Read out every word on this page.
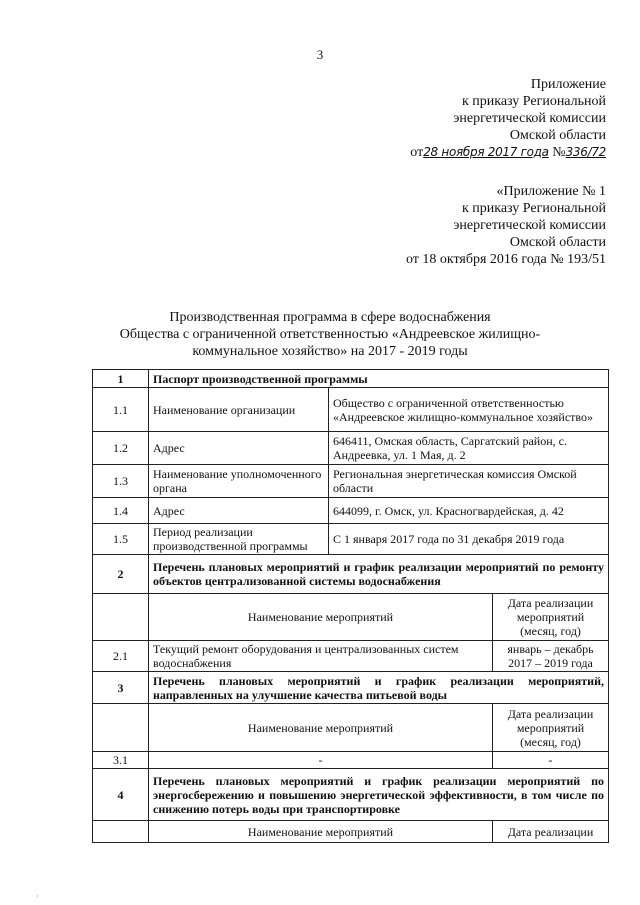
3
Приложение
к приказу Региональной
энергетической комиссии
Омской области
от28 ноября 2017 года №336/72
«Приложение № 1
к приказу Региональной
энергетической комиссии
Омской области
от 18 октября 2016 года № 193/51
Производственная программа в сфере водоснабжения
Общества с ограниченной ответственностью «Андреевское жилищно-
коммунальное хозяйство» на 2017 - 2019 годы
1	Паспорт производственной программы		
1.1	Наименование организации	Общество с ограниченной ответственностью «Андреевское жилищно-коммунальное хозяйство»	
1.2	Адрес	646411, Омская область, Саргатский район, с. Андреевка, ул. 1 Мая, д. 2	
1.3	Наименование уполномоченного органа	Региональная энергетическая комиссия Омской области	
1.4	Адрес	644099, г. Омск, ул. Красногвардейская, д. 42	
1.5	Период реализации производственной программы	С 1 января 2017 года по 31 декабря 2019 года	
2	Перечень плановых мероприятий и график реализации мероприятий по ремонту объектов централизованной системы водоснабжения		
	Наименование мероприятий		Дата реализации мероприятий (месяц, год)
2.1	Текущий ремонт оборудования и централизованных систем водоснабжения		январь – декабрь 2017 – 2019 года
3	Перечень плановых мероприятий и график реализации мероприятий, направленных на улучшение качества питьевой воды		
	Наименование мероприятий		Дата реализации мероприятий (месяц, год)
3.1	-		-
4	Перечень плановых мероприятий и график реализации мероприятий по энергосбережению и повышению энергетической эффективности, в том числе по снижению потерь воды при транспортировке		
	Наименование мероприятий		Дата реализации
·
